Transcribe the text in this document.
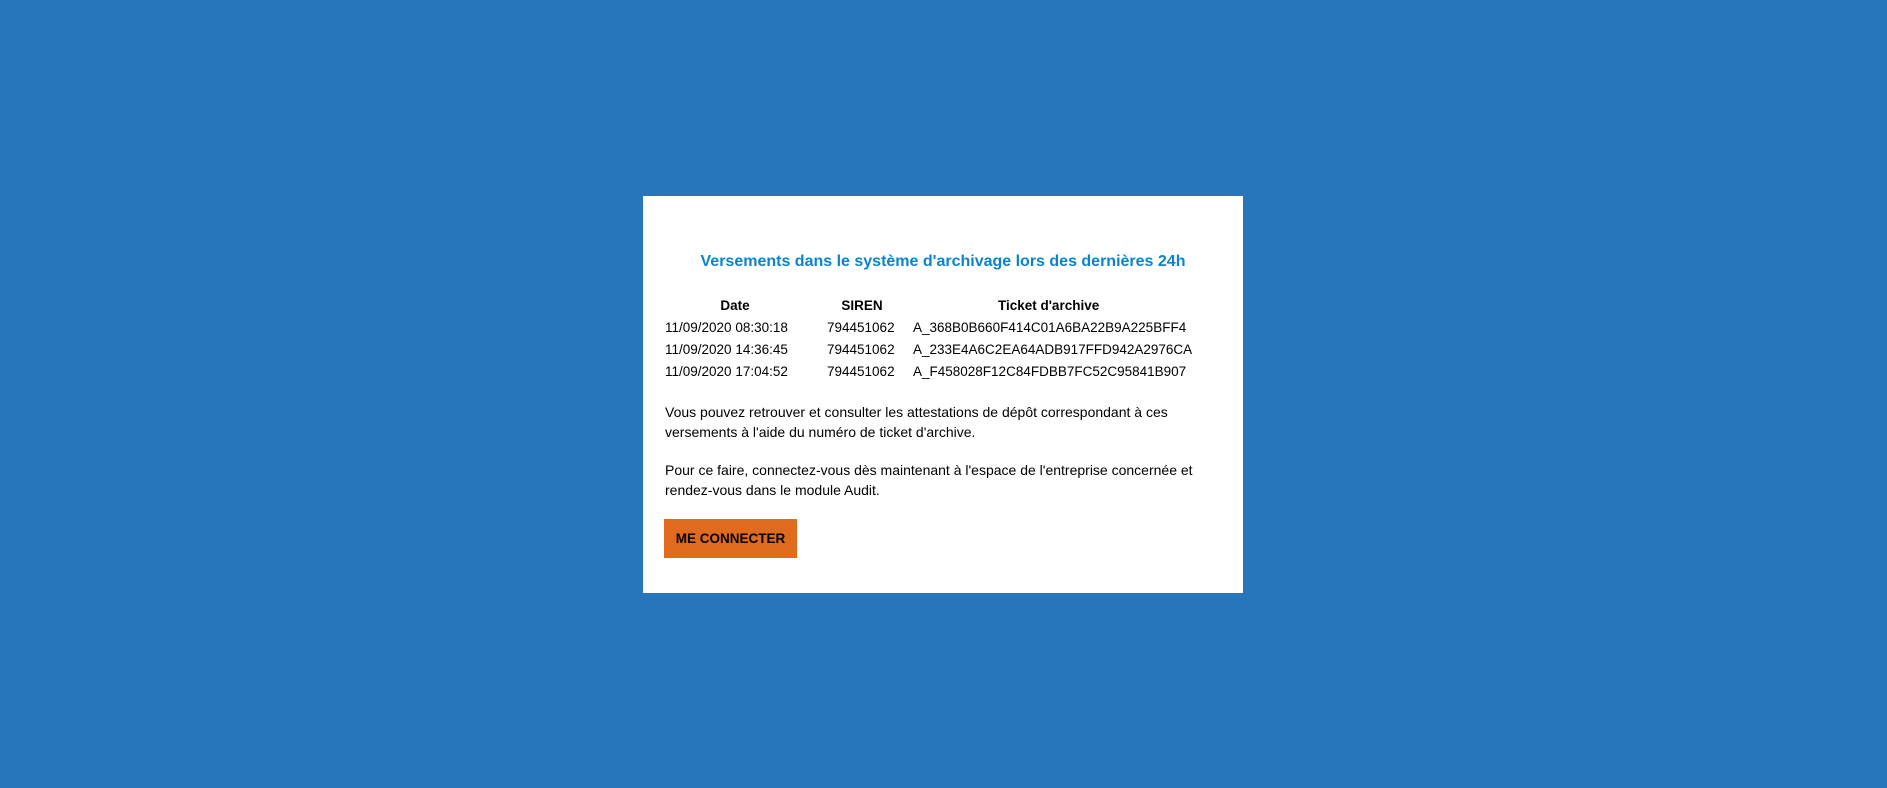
Versements dans le système d'archivage lors des dernières 24h
Date	SIREN	Ticket d'archive
11/09/2020 08:30:18	794451062	A_368B0B660F414C01A6BA22B9A225BFF4
11/09/2020 14:36:45	794451062	A_233E4A6C2EA64ADB917FFD942A2976CA
11/09/2020 17:04:52	794451062	A_F458028F12C84FDBB7FC52C95841B907
Vous pouvez retrouver et consulter les attestations de dépôt correspondant à ces versements à l'aide du numéro de ticket d'archive.
Pour ce faire, connectez-vous dès maintenant à l'espace de l'entreprise concernée et rendez-vous dans le module Audit.
ME CONNECTER
